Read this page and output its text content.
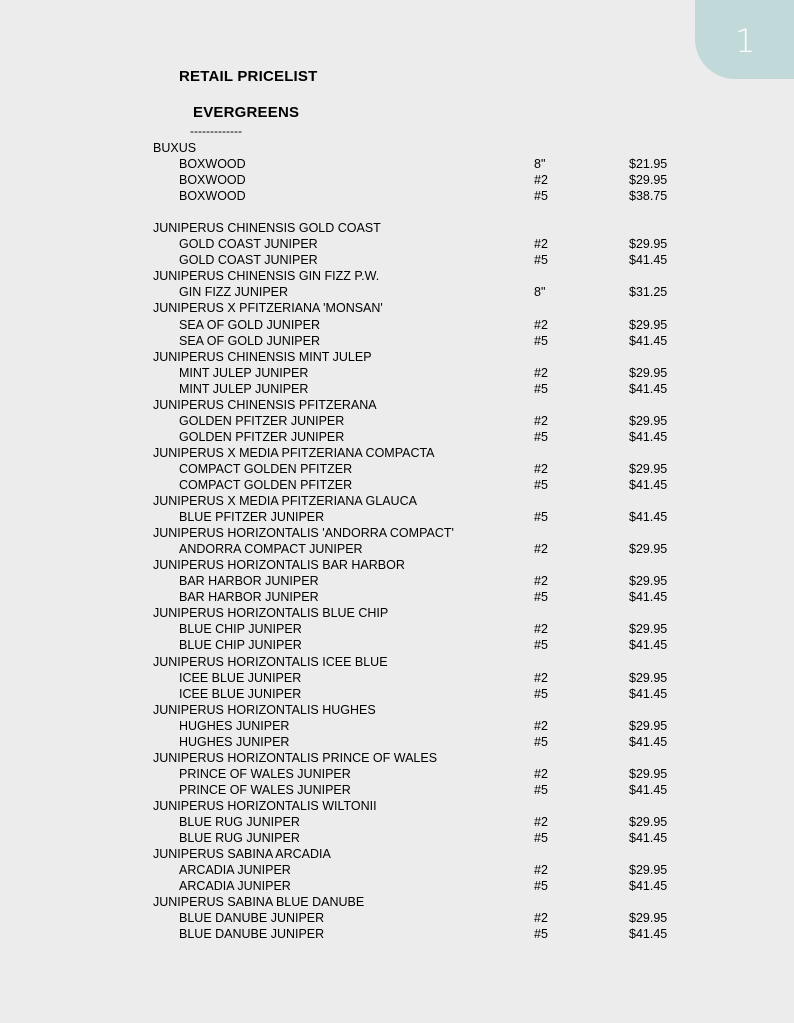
1
RETAIL PRICELIST
EVERGREENS
-------------
BUXUS
BOXWOOD	8"	$21.95
BOXWOOD	#2	$29.95
BOXWOOD	#5	$38.75
JUNIPERUS CHINENSIS GOLD COAST
GOLD COAST JUNIPER	#2	$29.95
GOLD COAST JUNIPER	#5	$41.45
JUNIPERUS CHINENSIS GIN FIZZ P.W.
GIN FIZZ JUNIPER	8"	$31.25
JUNIPERUS X PFITZERIANA 'MONSAN'
SEA OF GOLD JUNIPER	#2	$29.95
SEA OF GOLD JUNIPER	#5	$41.45
JUNIPERUS CHINENSIS MINT JULEP
MINT JULEP JUNIPER	#2	$29.95
MINT JULEP JUNIPER	#5	$41.45
JUNIPERUS CHINENSIS PFITZERANA
GOLDEN PFITZER JUNIPER	#2	$29.95
GOLDEN PFITZER JUNIPER	#5	$41.45
JUNIPERUS X MEDIA PFITZERIANA COMPACTA
COMPACT GOLDEN PFITZER	#2	$29.95
COMPACT GOLDEN PFITZER	#5	$41.45
JUNIPERUS X MEDIA PFITZERIANA GLAUCA
BLUE PFITZER JUNIPER	#5	$41.45
JUNIPERUS HORIZONTALIS 'ANDORRA COMPACT'
ANDORRA COMPACT JUNIPER	#2	$29.95
JUNIPERUS HORIZONTALIS BAR HARBOR
BAR HARBOR JUNIPER	#2	$29.95
BAR HARBOR JUNIPER	#5	$41.45
JUNIPERUS HORIZONTALIS BLUE CHIP
BLUE CHIP JUNIPER	#2	$29.95
BLUE CHIP JUNIPER	#5	$41.45
JUNIPERUS HORIZONTALIS ICEE BLUE
ICEE BLUE JUNIPER	#2	$29.95
ICEE BLUE JUNIPER	#5	$41.45
JUNIPERUS HORIZONTALIS HUGHES
HUGHES JUNIPER	#2	$29.95
HUGHES JUNIPER	#5	$41.45
JUNIPERUS HORIZONTALIS PRINCE OF WALES
PRINCE OF WALES JUNIPER	#2	$29.95
PRINCE OF WALES JUNIPER	#5	$41.45
JUNIPERUS HORIZONTALIS WILTONII
BLUE RUG JUNIPER	#2	$29.95
BLUE RUG JUNIPER	#5	$41.45
JUNIPERUS SABINA ARCADIA
ARCADIA JUNIPER	#2	$29.95
ARCADIA JUNIPER	#5	$41.45
JUNIPERUS SABINA BLUE DANUBE
BLUE DANUBE JUNIPER	#2	$29.95
BLUE DANUBE JUNIPER	#5	$41.45
